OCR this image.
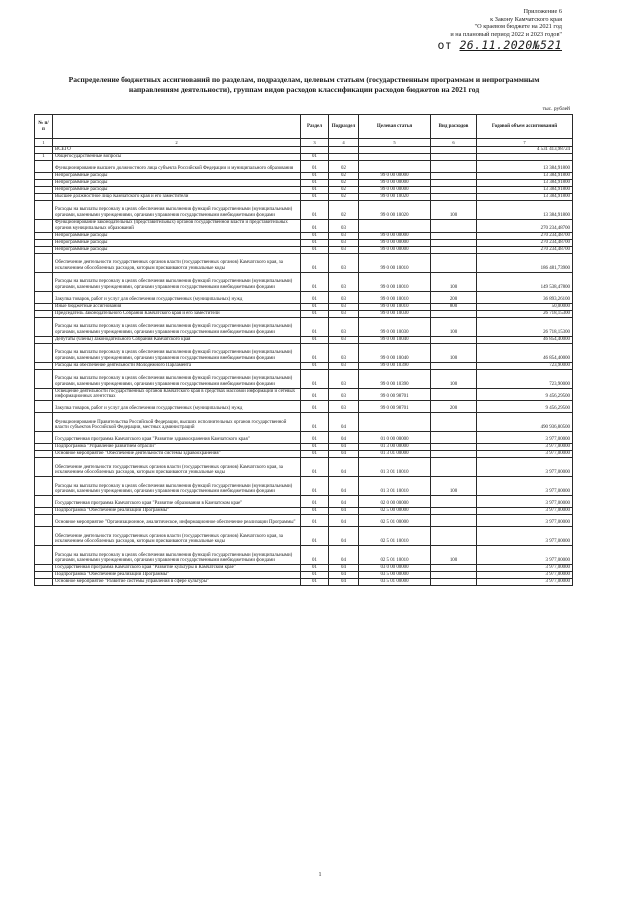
Приложение 6
к Закону Камчатского края
"О краевом бюджете на 2021 год
и на плановый период 2022 и 2023 годов"
от 26.11.2020№521
Распределение бюджетных ассигнований по разделам, подразделам, целевым статьям (государственным программам и непрограммным направлениям деятельности), группам видов расходов классификации расходов бюджетов на 2021 год
тыс. рублей
№ п/п		Раздел	Подраздел	Целевая статья	Вид расходов	Годовой объем ассигнований
1	2	3	4	5	6	7
	ВСЕГО					4 531 413,98724
1	Общегосударственные вопросы	01				
	Функционирование высшего должностного лица субъекта Российской Федерации и муниципального образования	01	02			13 384,91800
	Непрограммные расходы	01	02	99 0 00 00000		13 384,91800
	Непрограммные расходы	01	02	99 0 00 00000		13 384,91800
	Непрограммные расходы	01	02	99 0 00 00000		13 384,91800
	Высшее должностное лицо Камчатского края и его заместители	01	02	99 0 00 10020		13 384,91800
	Расходы на выплаты персоналу в целях обеспечения выполнения функций государственными (муниципальными) органами, казенными учреждениями, органами управления государственными внебюджетными фондами	01	02	99 0 00 10020	100	13 384,91800
	Функционирование законодательных (представительных) органов государственной власти и представительных органов муниципальных образований	01	03			270 234,48700
	Непрограммные расходы	01	03	99 0 00 00000		270 234,48700
	Непрограммные расходы	01	03	99 0 00 00000		270 234,48700
	Непрограммные расходы	01	03	99 0 00 00000		270 234,48700
	Обеспечение деятельности государственных органов власти (государственных органов) Камчатского края, за исключением обособленных расходов, которым присваиваются уникальные коды	01	03	99 0 00 10010		186 481,73900
	Расходы на выплаты персоналу в целях обеспечения выполнения функций государственными (муниципальными) органами, казенными учреждениями, органами управления государственными внебюджетными фондами	01	03	99 0 00 10010	100	149 538,47800
	Закупка товаров, работ и услуг для обеспечения государственных (муниципальных) нужд	01	03	99 0 00 10010	200	36 893,26100
	Иные бюджетные ассигнования	01	03	99 0 00 10010	800	50,00000
	Председатель Законодательного Собрания Камчатского края и его заместители	01	03	99 0 00 10030		26 718,15300
	Расходы на выплаты персоналу в целях обеспечения выполнения функций государственными (муниципальными) органами, казенными учреждениями, органами управления государственными внебюджетными фондами	01	03	99 0 00 10030	100	26 718,15300
	Депутаты (члены) Законодательного Собрания Камчатского края	01	03	99 0 00 10040		46 854,40000
	Расходы на выплаты персоналу в целях обеспечения выполнения функций государственными (муниципальными) органами, казенными учреждениями, органами управления государственными внебюджетными фондами	01	03	99 0 00 10040	100	46 854,40000
	Расходы на обеспечение деятельности Молодежного Парламента	01	03	99 0 00 10390		723,90000
	Расходы на выплаты персоналу в целях обеспечения выполнения функций государственными (муниципальными) органами, казенными учреждениями, органами управления государственными внебюджетными фондами	01	03	99 0 00 10390	100	723,90000
	Освещение деятельности государственных органов Камчатского края в средствах массовой информации и сетевых информационных агентствах	01	03	99 0 00 98701		9 456,29500
	Закупка товаров, работ и услуг для обеспечения государственных (муниципальных) нужд	01	03	99 0 00 98701	200	9 456,29500
	Функционирование Правительства Российской Федерации, высших исполнительных органов государственной власти субъектов Российской Федерации, местных администраций	01	04			490 936,80500
	Государственная программа Камчатского края "Развитие здравоохранения Камчатского края"	01	04	01 0 00 00000		3 977,00000
	Подпрограмма "Управление развитием отрасли"	01	04	01 3 00 00000		3 977,00000
	Основное мероприятие "Обеспечение деятельности системы здравоохранения"	01	04	01 3 01 00000		3 977,00000
	Обеспечение деятельности государственных органов власти (государственных органов) Камчатского края, за исключением обособленных расходов, которым присваиваются уникальные коды	01	04	01 3 01 10010		3 977,00000
	Расходы на выплаты персоналу в целях обеспечения выполнения функций государственными (муниципальными) органами, казенными учреждениями, органами управления государственными внебюджетными фондами	01	04	01 3 01 10010	100	3 977,00000
	Государственная программа Камчатского края "Развитие образования в Камчатском крае"	01	04	02 0 00 00000		3 977,00000
	Подпрограмма "Обеспечение реализации Программы"	01	04	02 5 00 00000		3 977,00000
	Основное мероприятие "Организационное, аналитическое, информационное обеспечение реализации Программы"	01	04	02 5 01 00000		3 977,00000
	Обеспечение деятельности государственных органов власти (государственных органов) Камчатского края, за исключением обособленных расходов, которым присваиваются уникальные коды	01	04	02 5 01 10010		3 977,00000
	Расходы на выплаты персоналу в целях обеспечения выполнения функций государственными (муниципальными) органами, казенными учреждениями, органами управления государственными внебюджетными фондами	01	04	02 5 01 10010	100	3 977,00000
	Государственная программа Камчатского края "Развитие культуры в Камчатском крае"	01	04	03 0 00 00000		3 977,00000
	Подпрограмма "Обеспечение реализации Программы"	01	04	03 5 00 00000		3 977,00000
	Основное мероприятие "Развитие системы управления в сфере культуры"	01	04	03 5 01 00000		3 977,00000
1
